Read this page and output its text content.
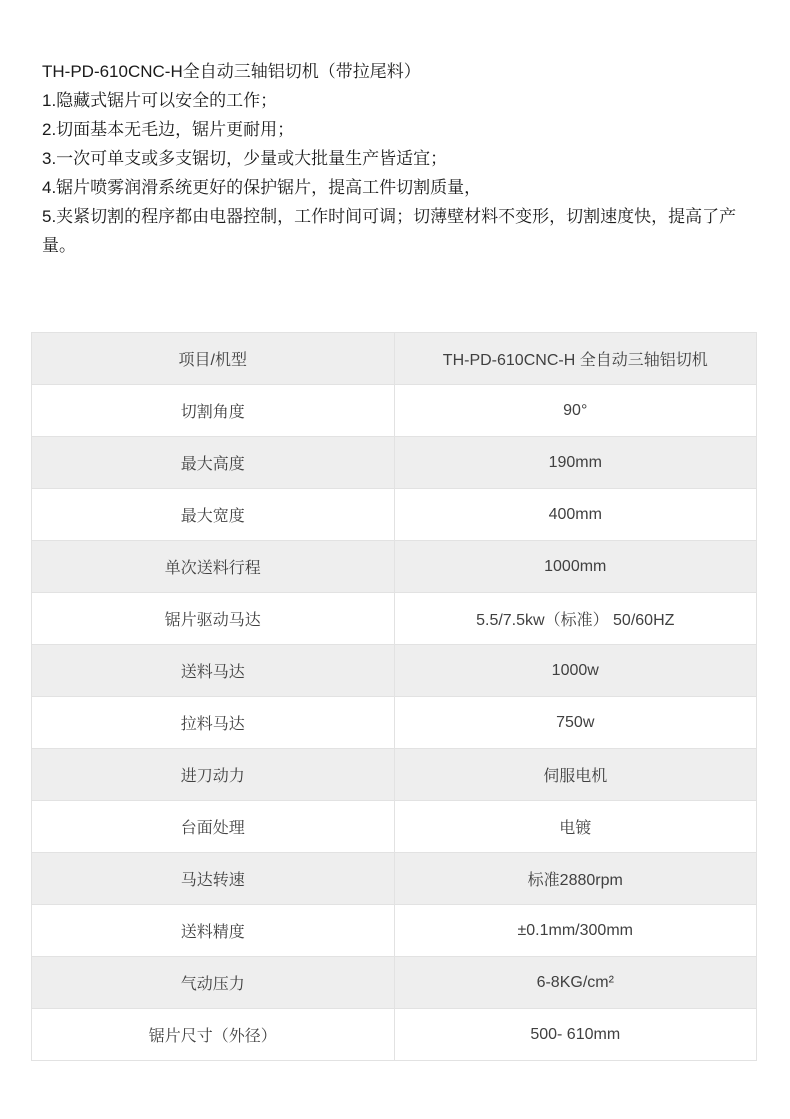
TH-PD-610CNC-H全自动三轴铝切机（带拉尾料）

1.隐藏式锯片可以安全的工作；

2.切面基本无毛边，锯片更耐用；

3.一次可单支或多支锯切，少量或大批量生产皆适宜；

4.锯片喷雾润滑系统更好的保护锯片，提高工件切割质量，

5.夹紧切割的程序都由电器控制，工作时间可调；切薄壁材料不变形，切割速度快，提高了产量。

项目/机型	TH-PD-610CNC-H 全自动三轴铝切机
切割角度	90°
最大高度	190mm
最大宽度	400mm
单次送料行程	1000mm
锯片驱动马达	5.5/7.5kw（标准） 50/60HZ
送料马达	1000w
拉料马达	750w
进刀动力	伺服电机
台面处理	电镀
马达转速	标准2880rpm
送料精度	±0.1mm/300mm
气动压力	6-8KG/cm²
锯片尺寸（外径）	500- 610mm
